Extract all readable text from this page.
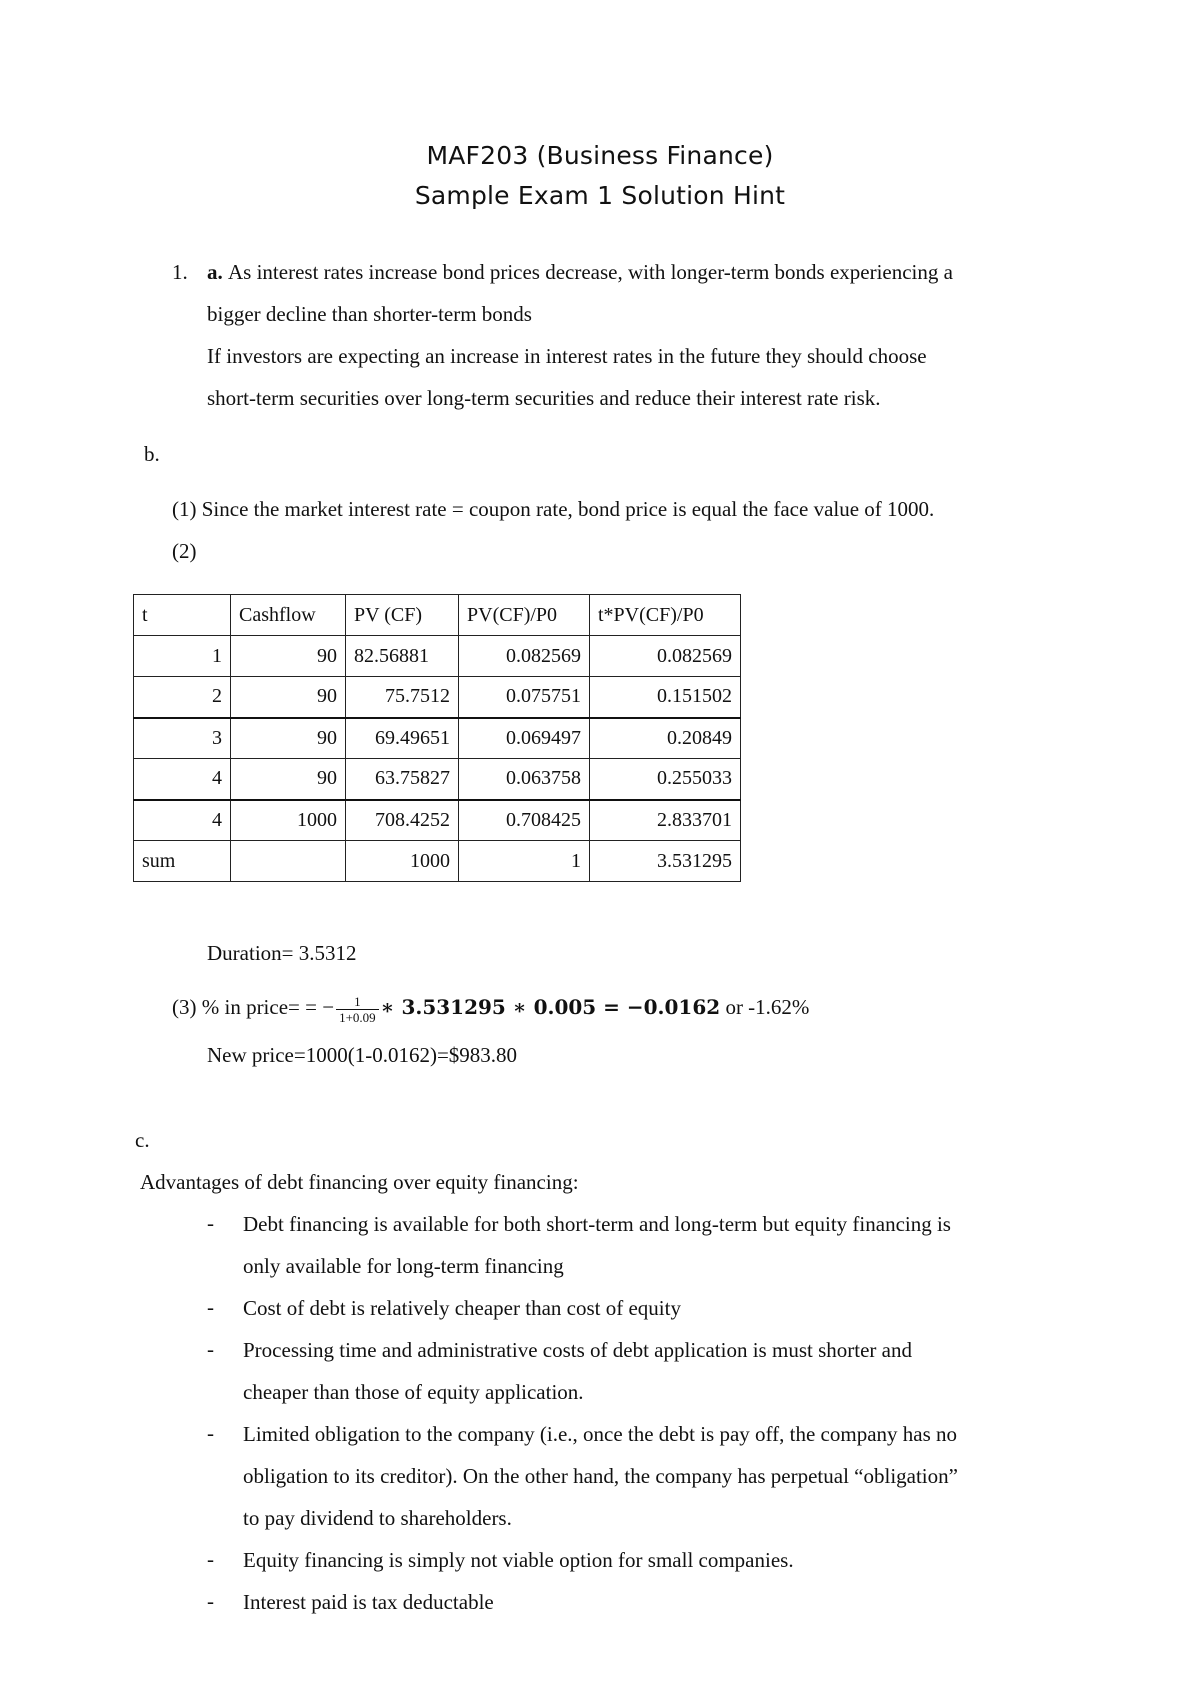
MAF203 (Business Finance)
Sample Exam 1 Solution Hint
1. a. As interest rates increase bond prices decrease, with longer-term bonds experiencing a
bigger decline than shorter-term bonds
If investors are expecting an increase in interest rates in the future they should choose
short-term securities over long-term securities and reduce their interest rate risk.
b.
(1) Since the market interest rate = coupon rate, bond price is equal the face value of 1000.
(2)
t	Cashflow	PV (CF)	PV(CF)/P0	t*PV(CF)/P0
1	90	82.56881	0.082569	0.082569
2	90	75.7512	0.075751	0.151502
3	90	69.49651	0.069497	0.20849
4	90	63.75827	0.063758	0.255033
4	1000	708.4252	0.708425	2.833701
sum		1000	1	3.531295
Duration= 3.5312
(3) % in price= = − $\frac{1}{1+0.09}$ ∗ 3.531295 ∗ 0.005 = −0.0162 or -1.62%
New price=1000(1-0.0162)=$983.80
c.
Advantages of debt financing over equity financing:
- Debt financing is available for both short-term and long-term but equity financing is
only available for long-term financing
- Cost of debt is relatively cheaper than cost of equity
- Processing time and administrative costs of debt application is must shorter and
cheaper than those of equity application.
- Limited obligation to the company (i.e., once the debt is pay off, the company has no
obligation to its creditor). On the other hand, the company has perpetual “obligation”
to pay dividend to shareholders.
- Equity financing is simply not viable option for small companies.
- Interest paid is tax deductable
